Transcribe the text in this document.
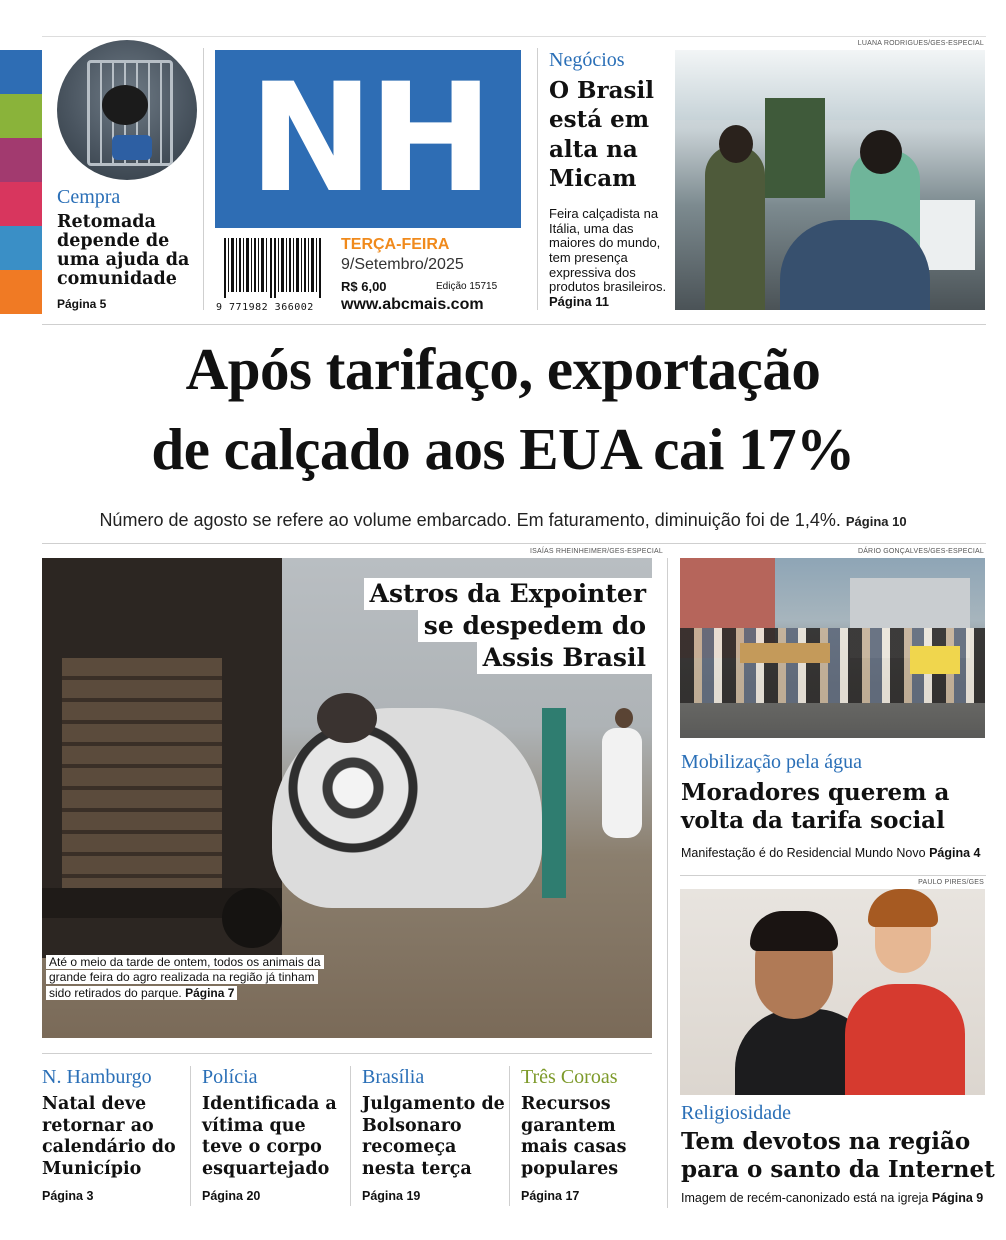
Cempra
Retomada depende de uma ajuda da comunidade
Página 5
NH
9 771982 366002
TERÇA-FEIRA
9/Setembro/2025
R$ 6,00	Edição 15715
www.abcmais.com
Negócios
O Brasil está em alta na Micam
Feira calçadista na Itália, uma das maiores do mundo, tem presença expressiva dos produtos brasileiros.
Página 11
LUANA RODRIGUES/GES-ESPECIAL
Após tarifaço, exportação
de calçado aos EUA cai 17%
Número de agosto se refere ao volume embarcado. Em faturamento, diminuição foi de 1,4%. Página 10
ISAÍAS RHEINHEIMER/GES-ESPECIAL
Astros da Expointer
se despedem do
Assis Brasil
Até o meio da tarde de ontem, todos os animais da
grande feira do agro realizada na região já tinham
sido retirados do parque. Página 7
DÁRIO GONÇALVES/GES-ESPECIAL
Mobilização pela água
Moradores querem a
volta da tarifa social
Manifestação é do Residencial Mundo Novo Página 4
PAULO PIRES/GES
Religiosidade
Tem devotos na região
para o santo da Internet
Imagem de recém-canonizado está na igreja Página 9
N. Hamburgo
Natal deve retornar ao calendário do Município
Página 3
Polícia
Identificada a vítima que teve o corpo esquartejado
Página 20
Brasília
Julgamento de Bolsonaro recomeça nesta terça
Página 19
Três Coroas
Recursos garantem mais casas populares
Página 17
